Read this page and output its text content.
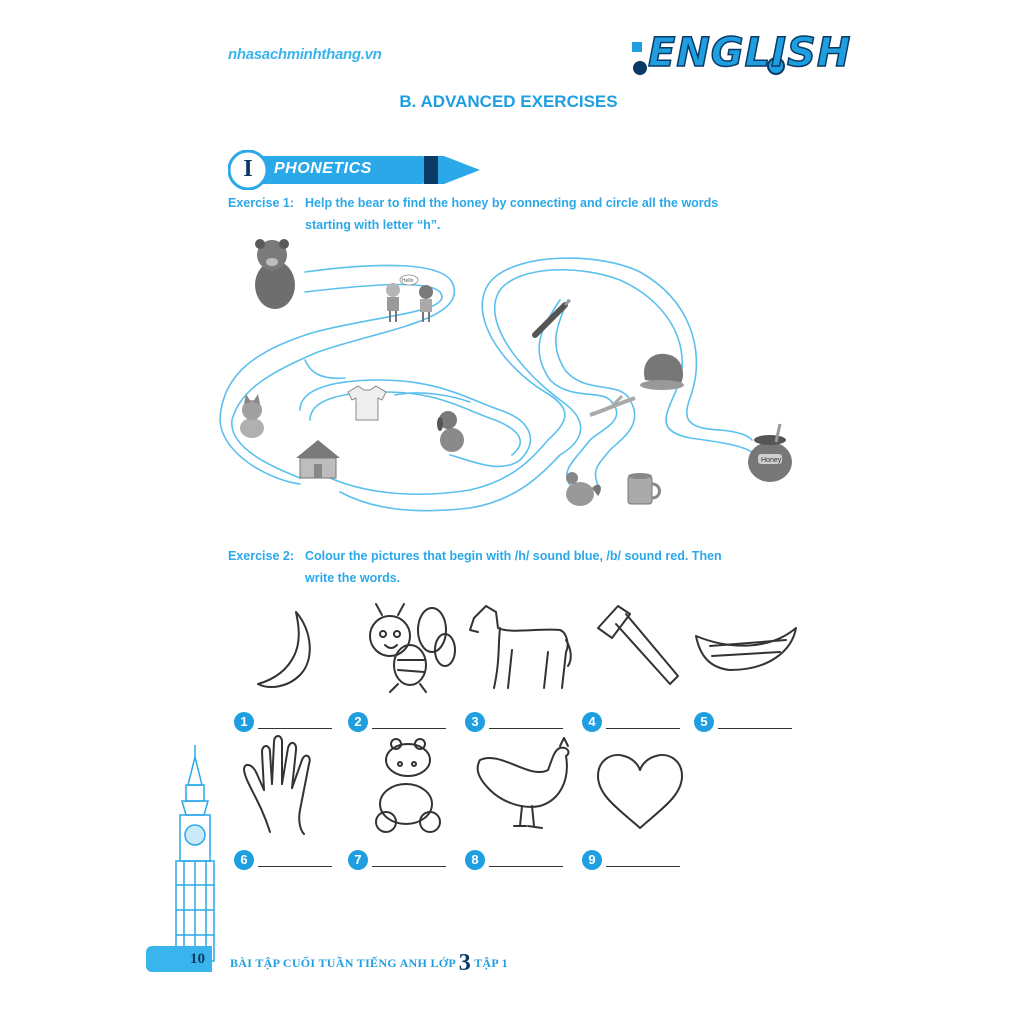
nhasachminhthang.vn	ENGLISH
B. ADVANCED EXERCISES
I	PHONETICS
Exercise 1: Help the bear to find the honey by connecting and circle all the words
starting with letter “h”.
Hello
Honey
Exercise 2: Colour the pictures that begin with /h/ sound blue, /b/ sound red. Then
write the words.
1	2	3	4	5
6	7	8	9
10 BÀI TẬP CUỐI TUẦN TIẾNG ANH LỚP 3 TẬP 1
